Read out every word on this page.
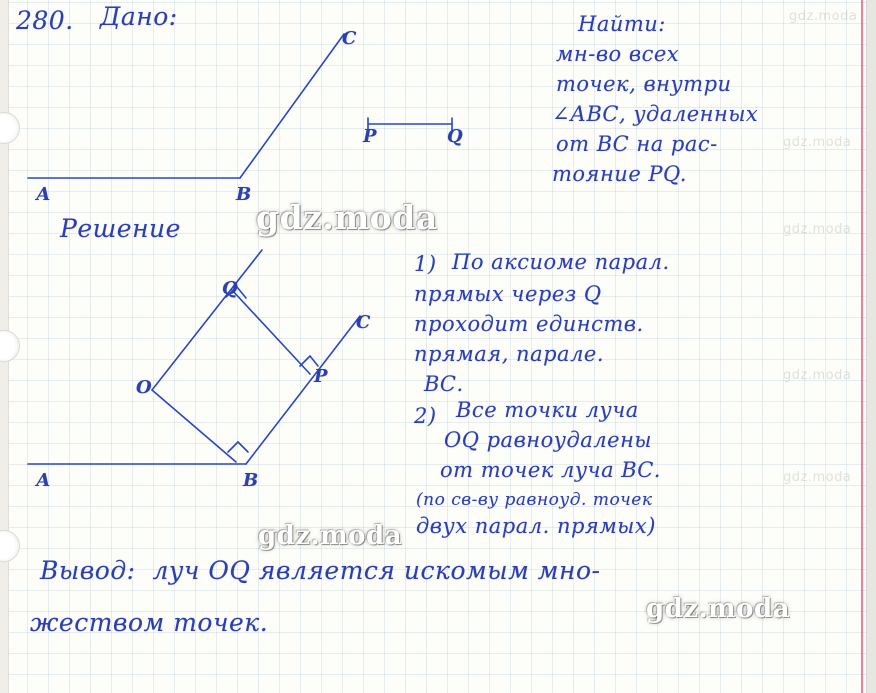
280. Дано:	Найти:
мн-во всех
точек, внутри
∠АВС, удаленных
от ВС на рас-
тояние PQ.
Решение
1) По аксиоме парал.
прямых через Q
проходит единств.
прямая, парале.
ВС.
2) Все точки луча
OQ равноудалены
от точек луча ВС.
(по св-ву равноуд. точек
двух парал. прямых)
Вывод:  луч OQ является искомым мно-
жеством точек.
А	В
С
P	Q
А	В
С
Q
P
O
gdz.moda
gdz.moda
gdz.moda
gdz.moda
gdz.moda
gdz.moda
gdz.moda
gdz.moda
